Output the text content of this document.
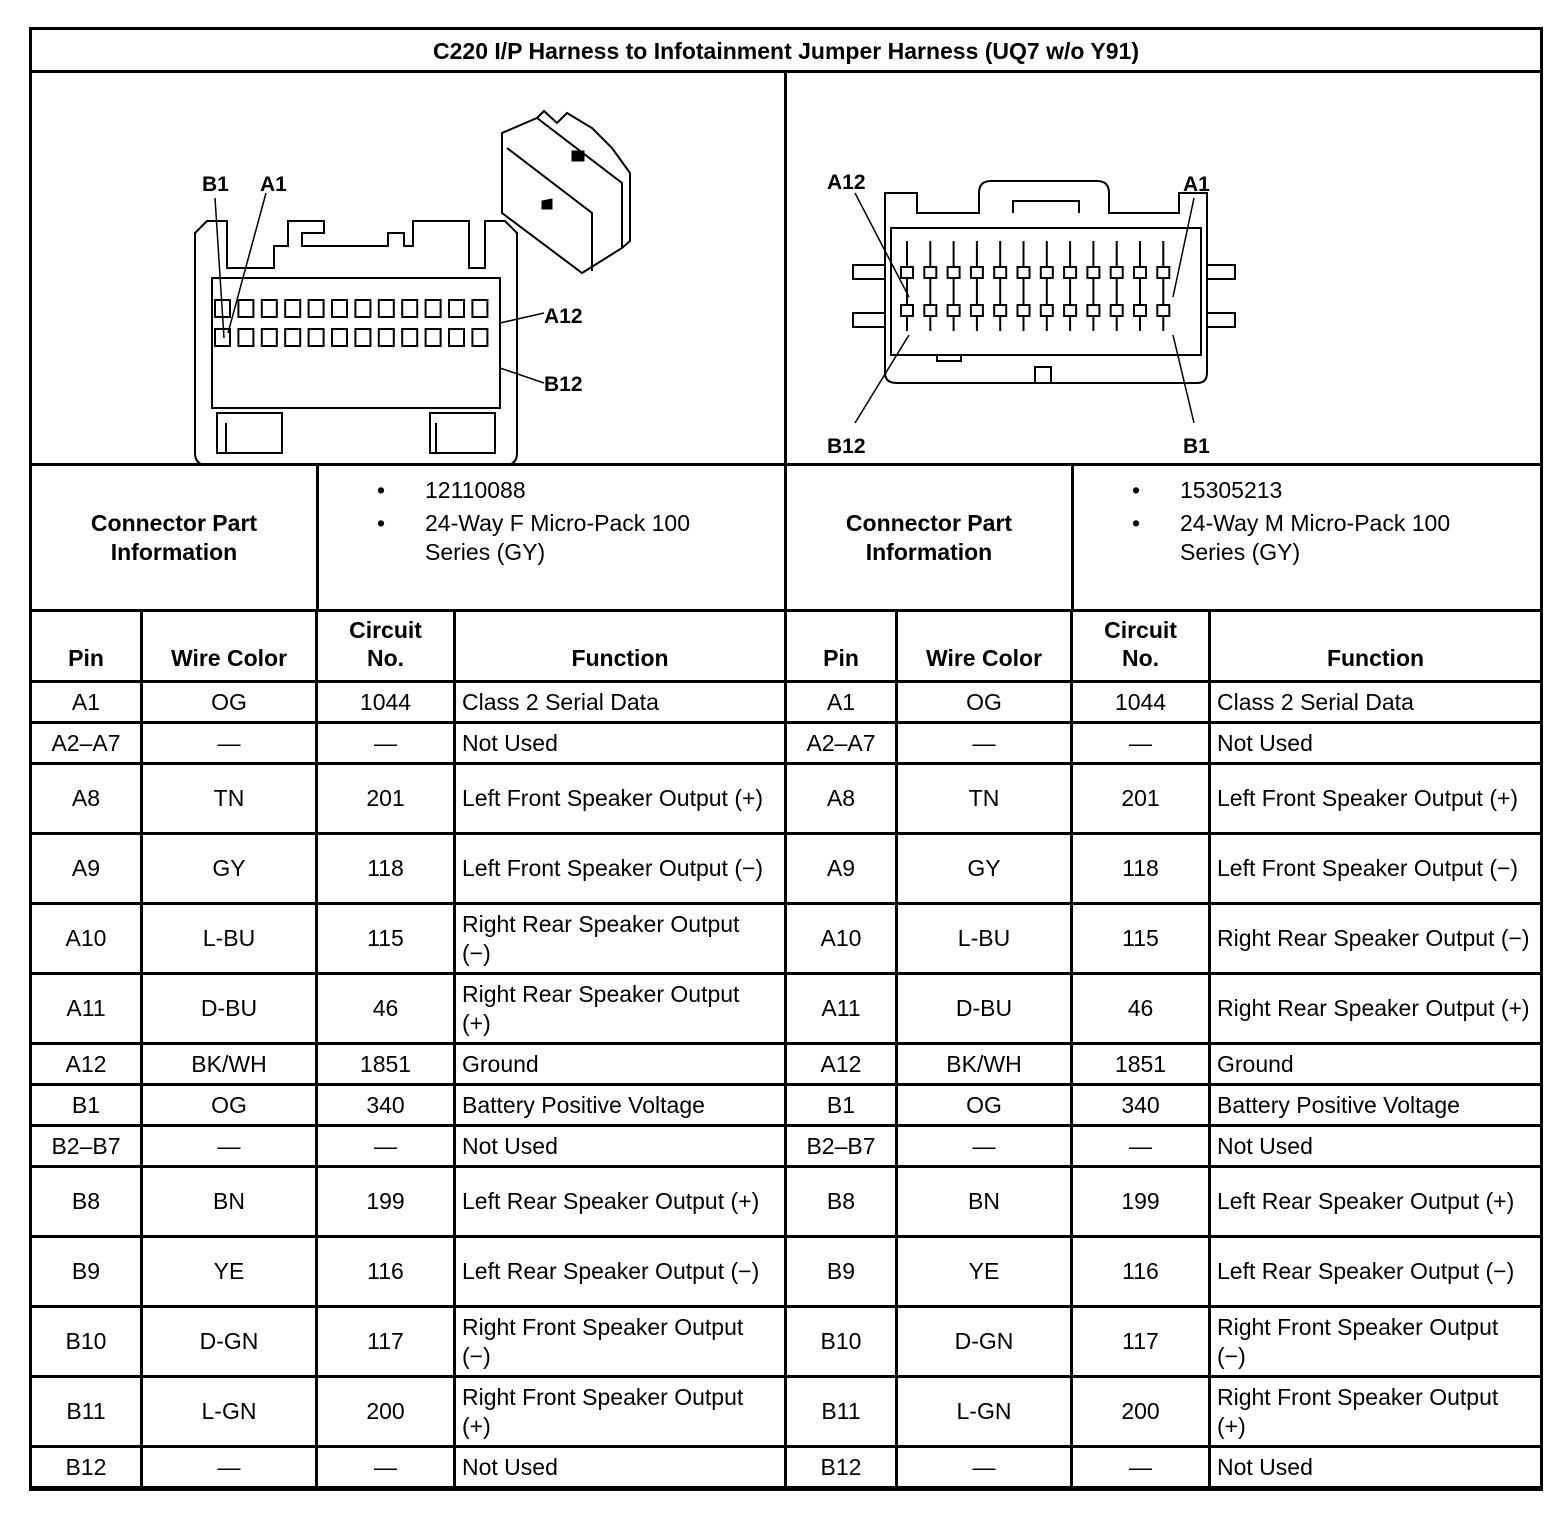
C220 I/P Harness to Infotainment Jumper Harness (UQ7 w/o Y91)
B1 A1
A12
B12
A12	A1
B12	B1
Connector Part
Information
• 12110088
• 24-Way F Micro-Pack 100 Series (GY)
Connector Part
Information
• 15305213
• 24-Way M Micro-Pack 100 Series (GY)
Pin	Wire Color	Circuit No.	Function
A1	OG	1044	Class 2 Serial Data
A2–A7	—	—	Not Used
A8	TN	201	Left Front Speaker Output (+)
A9	GY	118	Left Front Speaker Output (−)
A10	L-BU	115	Right Rear Speaker Output (−)
A11	D-BU	46	Right Rear Speaker Output (+)
A12	BK/WH	1851	Ground
B1	OG	340	Battery Positive Voltage
B2–B7	—	—	Not Used
B8	BN	199	Left Rear Speaker Output (+)
B9	YE	116	Left Rear Speaker Output (−)
B10	D-GN	117	Right Front Speaker Output (−)
B11	L-GN	200	Right Front Speaker Output (+)
B12	—	—	Not Used
Pin	Wire Color	Circuit No.	Function
A1	OG	1044	Class 2 Serial Data
A2–A7	—	—	Not Used
A8	TN	201	Left Front Speaker Output (+)
A9	GY	118	Left Front Speaker Output (−)
A10	L-BU	115	Right Rear Speaker Output (−)
A11	D-BU	46	Right Rear Speaker Output (+)
A12	BK/WH	1851	Ground
B1	OG	340	Battery Positive Voltage
B2–B7	—	—	Not Used
B8	BN	199	Left Rear Speaker Output (+)
B9	YE	116	Left Rear Speaker Output (−)
B10	D-GN	117	Right Front Speaker Output (−)
B11	L-GN	200	Right Front Speaker Output (+)
B12	—	—	Not Used
